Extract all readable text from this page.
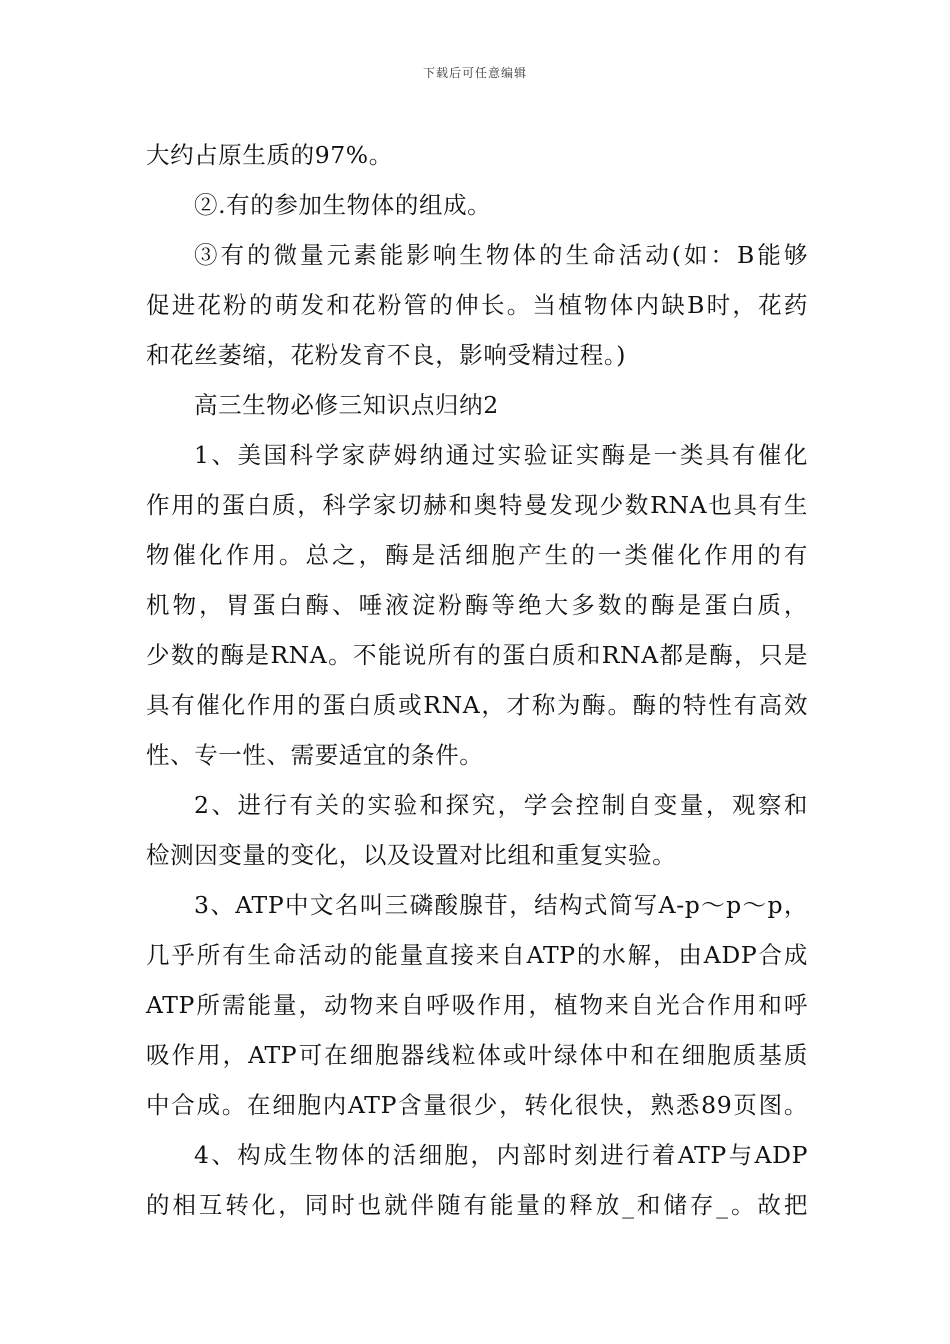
下载后可任意编辑
大约占原生质的97%。
②.有的参加生物体的组成。
③有的微量元素能影响生物体的生命活动(如：B能够
促进花粉的萌发和花粉管的伸长。当植物体内缺B时，花药
和花丝萎缩，花粉发育不良，影响受精过程。)
高三生物必修三知识点归纳2
1、美国科学家萨姆纳通过实验证实酶是一类具有催化
作用的蛋白质，科学家切赫和奥特曼发现少数RNA也具有生
物催化作用。总之，酶是活细胞产生的一类催化作用的有
机物，胃蛋白酶、唾液淀粉酶等绝大多数的酶是蛋白质，
少数的酶是RNA。不能说所有的蛋白质和RNA都是酶，只是
具有催化作用的蛋白质或RNA，才称为酶。酶的特性有高效
性、专一性、需要适宜的条件。
2、进行有关的实验和探究，学会控制自变量，观察和
检测因变量的变化，以及设置对比组和重复实验。
3、ATP中文名叫三磷酸腺苷，结构式简写A-p～p～p，
几乎所有生命活动的能量直接来自ATP的水解，由ADP合成
ATP所需能量，动物来自呼吸作用，植物来自光合作用和呼
吸作用，ATP可在细胞器线粒体或叶绿体中和在细胞质基质
中合成。在细胞内ATP含量很少，转化很快，熟悉89页图。
4、构成生物体的活细胞，内部时刻进行着ATP与ADP
的相互转化，同时也就伴随有能量的释放_和储存_。故把
